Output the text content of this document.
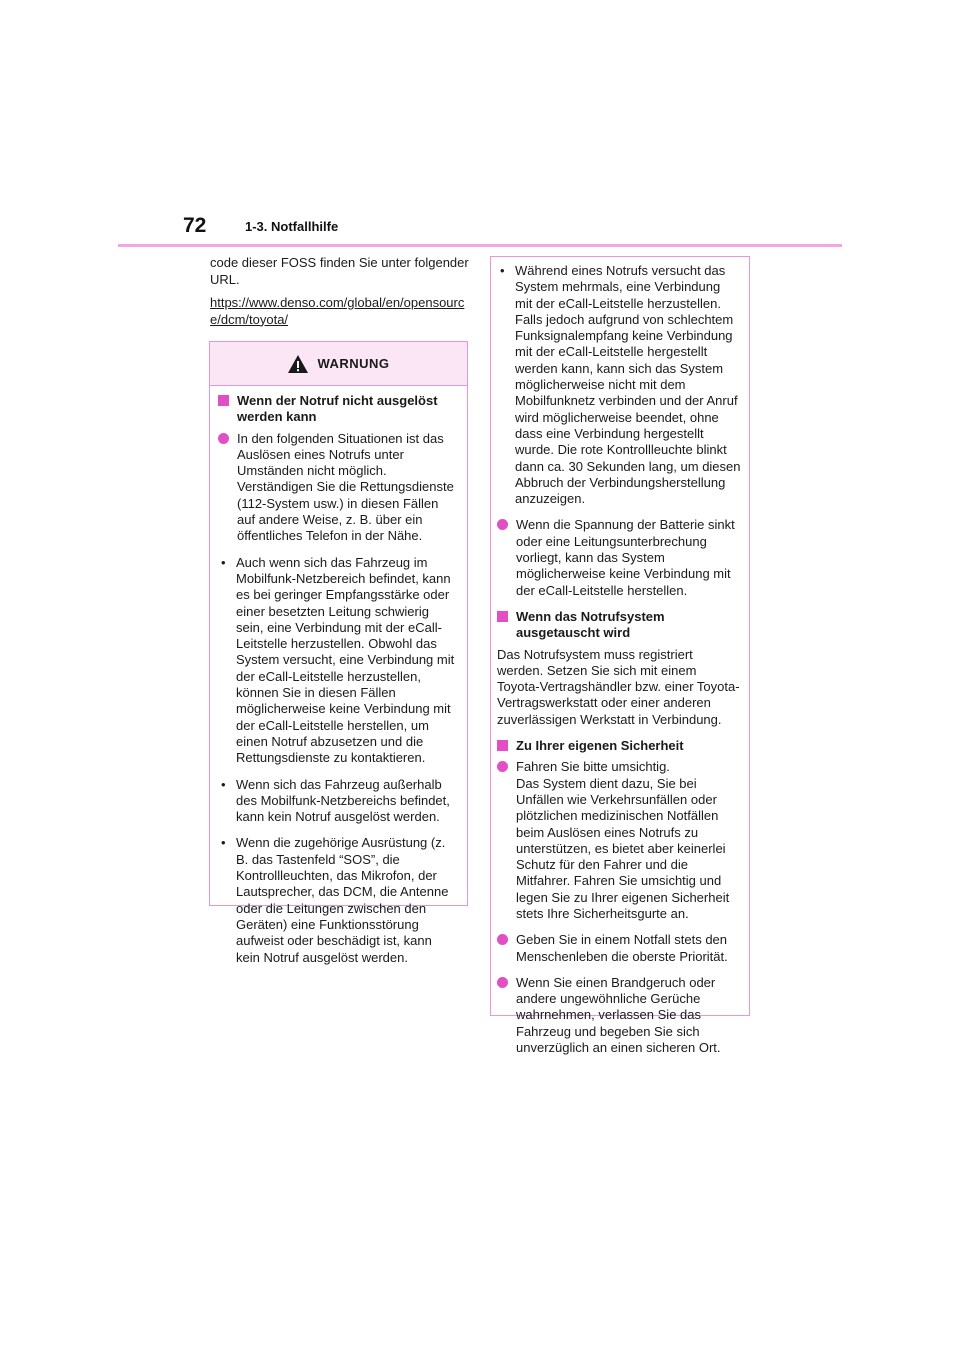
72	1-3. Notfallhilfe

code dieser FOSS finden Sie unter folgender URL.

https://www.denso.com/global/en/opensource/dcm/toyota/

WARNUNG
Wenn der Notruf nicht ausgelöst werden kann
In den folgenden Situationen ist das Auslösen eines Notrufs unter Umständen nicht möglich. Verständigen Sie die Rettungsdienste (112-System usw.) in diesen Fällen auf andere Weise, z. B. über ein öffentliches Telefon in der Nähe.
• Auch wenn sich das Fahrzeug im Mobilfunk-Netzbereich befindet, kann es bei geringer Empfangsstärke oder einer besetzten Leitung schwierig sein, eine Verbindung mit der eCall-Leitstelle herzustellen. Obwohl das System versucht, eine Verbindung mit der eCall-Leitstelle herzustellen, können Sie in diesen Fällen möglicherweise keine Verbindung mit der eCall-Leitstelle herstellen, um einen Notruf abzusetzen und die Rettungsdienste zu kontaktieren.
• Wenn sich das Fahrzeug außerhalb des Mobilfunk-Netzbereichs befindet, kann kein Notruf ausgelöst werden.
• Wenn die zugehörige Ausrüstung (z. B. das Tastenfeld “SOS”, die Kontrollleuchten, das Mikrofon, der Lautsprecher, das DCM, die Antenne oder die Leitungen zwischen den Geräten) eine Funktionsstörung aufweist oder beschädigt ist, kann kein Notruf ausgelöst werden.
• Während eines Notrufs versucht das System mehrmals, eine Verbindung mit der eCall-Leitstelle herzustellen. Falls jedoch aufgrund von schlechtem Funksignalempfang keine Verbindung mit der eCall-Leitstelle hergestellt werden kann, kann sich das System möglicherweise nicht mit dem Mobilfunknetz verbinden und der Anruf wird möglicherweise beendet, ohne dass eine Verbindung hergestellt wurde. Die rote Kontrollleuchte blinkt dann ca. 30 Sekunden lang, um diesen Abbruch der Verbindungsherstellung anzuzeigen.
Wenn die Spannung der Batterie sinkt oder eine Leitungsunterbrechung vorliegt, kann das System möglicherweise keine Verbindung mit der eCall-Leitstelle herstellen.
Wenn das Notrufsystem ausgetauscht wird
Das Notrufsystem muss registriert werden. Setzen Sie sich mit einem Toyota-Vertragshändler bzw. einer Toyota-Vertragswerkstatt oder einer anderen zuverlässigen Werkstatt in Verbindung.
Zu Ihrer eigenen Sicherheit
Fahren Sie bitte umsichtig.
Das System dient dazu, Sie bei Unfällen wie Verkehrsunfällen oder plötzlichen medizinischen Notfällen beim Auslösen eines Notrufs zu unterstützen, es bietet aber keinerlei Schutz für den Fahrer und die Mitfahrer. Fahren Sie umsichtig und legen Sie zu Ihrer eigenen Sicherheit stets Ihre Sicherheitsgurte an.
Geben Sie in einem Notfall stets den Menschenleben die oberste Priorität.
Wenn Sie einen Brandgeruch oder andere ungewöhnliche Gerüche wahrnehmen, verlassen Sie das Fahrzeug und begeben Sie sich unverzüglich an einen sicheren Ort.
